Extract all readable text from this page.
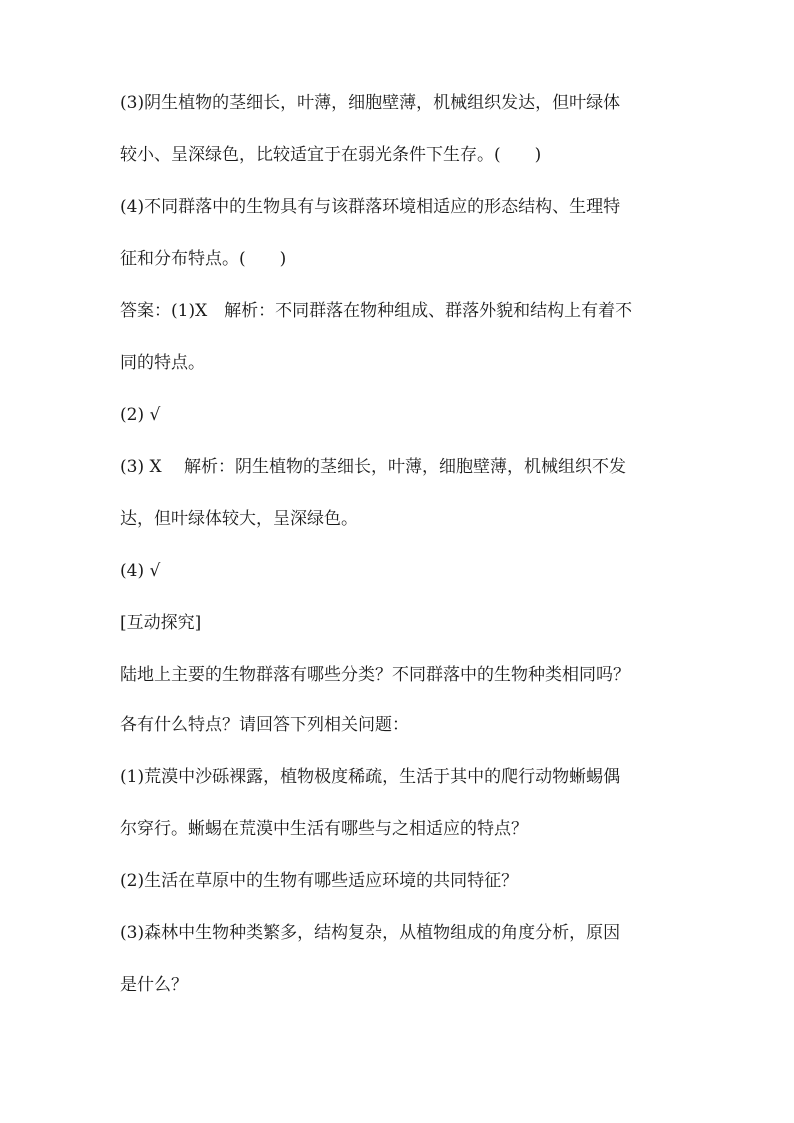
(3)阴生植物的茎细长，叶薄，细胞壁薄，机械组织发达，但叶绿体

较小、呈深绿色，比较适宜于在弱光条件下生存。(　　)

(4)不同群落中的生物具有与该群落环境相适应的形态结构、生理特

征和分布特点。(　　)

答案：(1)X　解析：不同群落在物种组成、群落外貌和结构上有着不

同的特点。

(2) √

(3) X　 解析：阴生植物的茎细长，叶薄，细胞壁薄，机械组织不发

达，但叶绿体较大，呈深绿色。

(4) √

[互动探究]

陆地上主要的生物群落有哪些分类？不同群落中的生物种类相同吗？

各有什么特点？请回答下列相关问题：

(1)荒漠中沙砾裸露，植物极度稀疏，生活于其中的爬行动物蜥蜴偶

尔穿行。蜥蜴在荒漠中生活有哪些与之相适应的特点？

(2)生活在草原中的生物有哪些适应环境的共同特征？

(3)森林中生物种类繁多，结构复杂，从植物组成的角度分析，原因

是什么？
